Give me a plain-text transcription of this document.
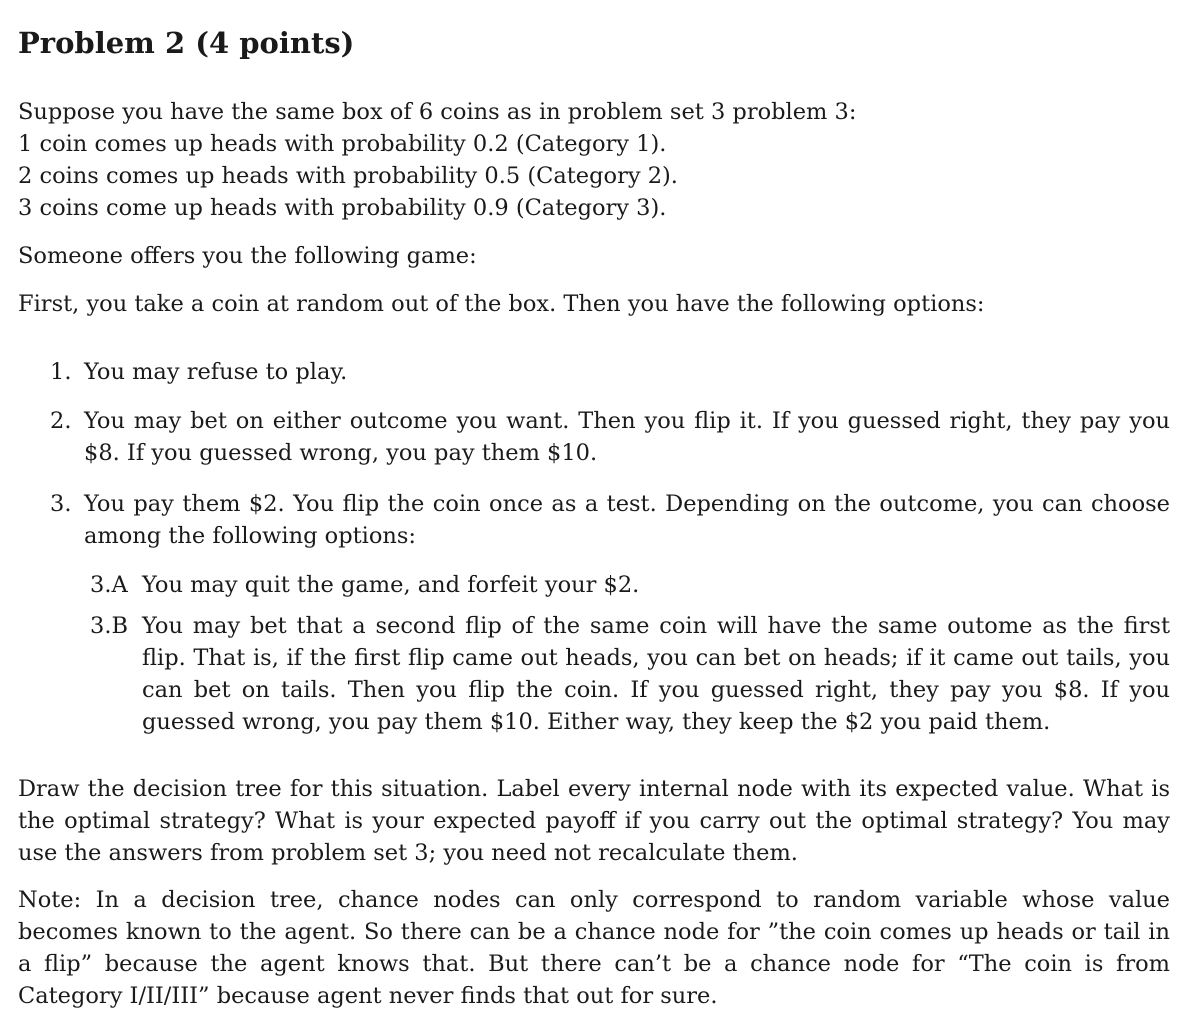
Problem 2 (4 points)
Suppose you have the same box of 6 coins as in problem set 3 problem 3:
1 coin comes up heads with probability 0.2 (Category 1).
2 coins comes up heads with probability 0.5 (Category 2).
3 coins come up heads with probability 0.9 (Category 3).
Someone offers you the following game:
First, you take a coin at random out of the box. Then you have the following options:
1. You may refuse to play.
2. You may bet on either outcome you want. Then you flip it. If you guessed right, they pay you $8. If you guessed wrong, you pay them $10.
3. You pay them $2. You flip the coin once as a test. Depending on the outcome, you can choose among the following options:
3.A You may quit the game, and forfeit your $2.
3.B You may bet that a second flip of the same coin will have the same outome as the first flip. That is, if the first flip came out heads, you can bet on heads; if it came out tails, you can bet on tails. Then you flip the coin. If you guessed right, they pay you $8. If you guessed wrong, you pay them $10. Either way, they keep the $2 you paid them.
Draw the decision tree for this situation. Label every internal node with its expected value. What is the optimal strategy? What is your expected payoff if you carry out the optimal strategy? You may use the answers from problem set 3; you need not recalculate them.
Note: In a decision tree, chance nodes can only correspond to random variable whose value becomes known to the agent. So there can be a chance node for ”the coin comes up heads or tail in a flip” because the agent knows that. But there can’t be a chance node for “The coin is from Category I/II/III” because agent never finds that out for sure.
